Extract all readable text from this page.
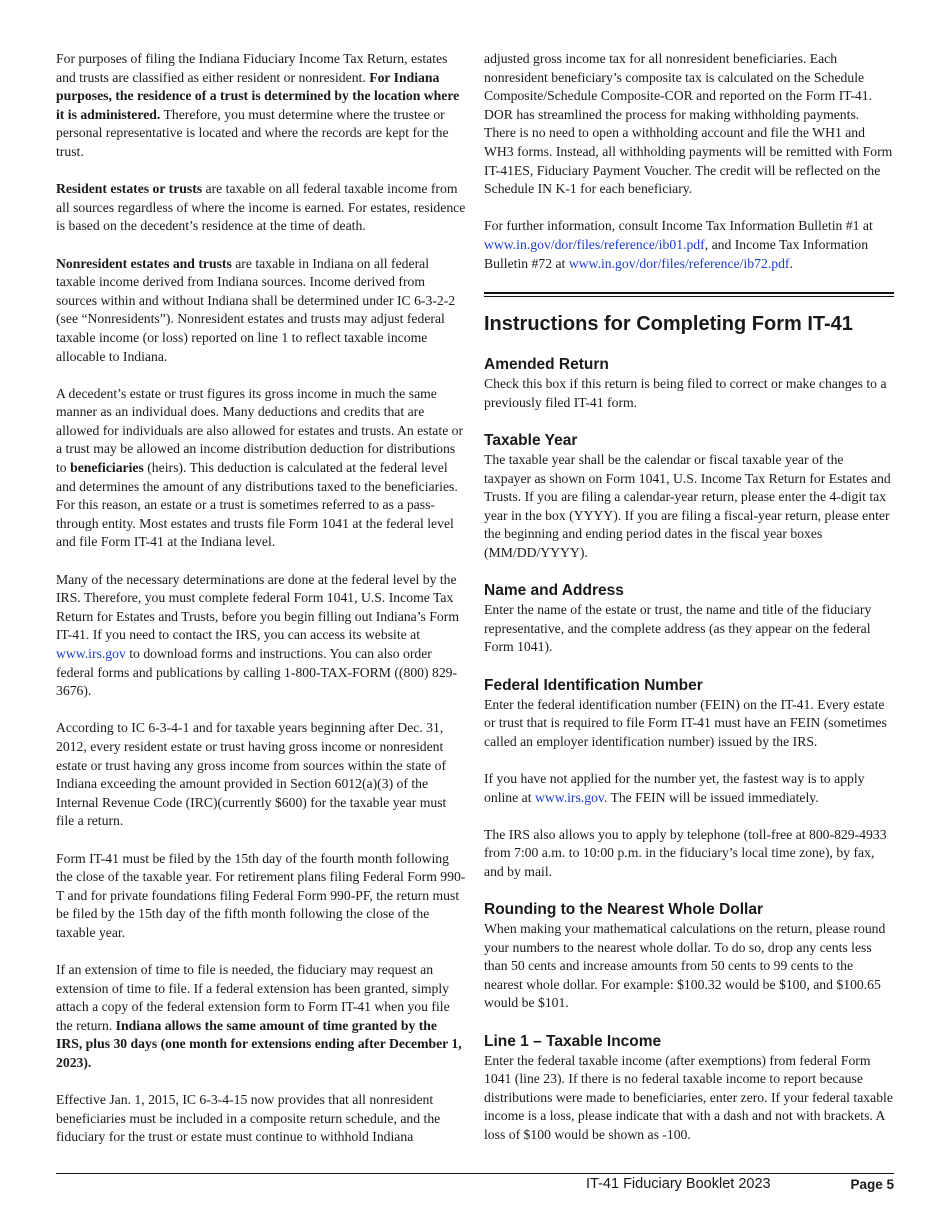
For purposes of filing the Indiana Fiduciary Income Tax Return, estates and trusts are classified as either resident or nonresident. For Indiana purposes, the residence of a trust is determined by the location where it is administered. Therefore, you must determine where the trustee or personal representative is located and where the records are kept for the trust.

Resident estates or trusts are taxable on all federal taxable income from all sources regardless of where the income is earned. For estates, residence is based on the decedent’s residence at the time of death.

Nonresident estates and trusts are taxable in Indiana on all federal taxable income derived from Indiana sources. Income derived from sources within and without Indiana shall be determined under IC 6-3-2-2 (see “Nonresidents”). Nonresident estates and trusts may adjust federal taxable income (or loss) reported on line 1 to reflect taxable income allocable to Indiana.

A decedent’s estate or trust figures its gross income in much the same manner as an individual does. Many deductions and credits that are allowed for individuals are also allowed for estates and trusts. An estate or a trust may be allowed an income distribution deduction for distributions to beneficiaries (heirs). This deduction is calculated at the federal level and determines the amount of any distributions taxed to the beneficiaries. For this reason, an estate or a trust is sometimes referred to as a pass-through entity. Most estates and trusts file Form 1041 at the federal level and file Form IT-41 at the Indiana level.

Many of the necessary determinations are done at the federal level by the IRS. Therefore, you must complete federal Form 1041, U.S. Income Tax Return for Estates and Trusts, before you begin filling out Indiana’s Form IT-41. If you need to contact the IRS, you can access its website at www.irs.gov to download forms and instructions. You can also order federal forms and publications by calling 1-800-TAX-FORM ((800) 829-3676).

According to IC 6-3-4-1 and for taxable years beginning after Dec. 31, 2012, every resident estate or trust having gross income or nonresident estate or trust having any gross income from sources within the state of Indiana exceeding the amount provided in Section 6012(a)(3) of the Internal Revenue Code (IRC)(currently $600) for the taxable year must file a return.

Form IT-41 must be filed by the 15th day of the fourth month following the close of the taxable year. For retirement plans filing Federal Form 990-T and for private foundations filing Federal Form 990-PF, the return must be filed by the 15th day of the fifth month following the close of the taxable year.

If an extension of time to file is needed, the fiduciary may request an extension of time to file. If a federal extension has been granted, simply attach a copy of the federal extension form to Form IT-41 when you file the return. Indiana allows the same amount of time granted by the IRS, plus 30 days (one month for extensions ending after December 1, 2023).

Effective Jan. 1, 2015, IC 6-3-4-15 now provides that all nonresident beneficiaries must be included in a composite return schedule, and the fiduciary for the trust or estate must continue to withhold Indiana

adjusted gross income tax for all nonresident beneficiaries. Each nonresident beneficiary’s composite tax is calculated on the Schedule Composite/Schedule Composite-COR and reported on the Form IT-41. DOR has streamlined the process for making withholding payments. There is no need to open a withholding account and file the WH1 and WH3 forms. Instead, all withholding payments will be remitted with Form IT-41ES, Fiduciary Payment Voucher. The credit will be reflected on the Schedule IN K-1 for each beneficiary.

For further information, consult Income Tax Information Bulletin #1 at www.in.gov/dor/files/reference/ib01.pdf, and Income Tax Information Bulletin #72 at www.in.gov/dor/files/reference/ib72.pdf.

Instructions for Completing Form IT-41
Amended Return

Check this box if this return is being filed to correct or make changes to a previously filed IT-41 form.

Taxable Year

The taxable year shall be the calendar or fiscal taxable year of the taxpayer as shown on Form 1041, U.S. Income Tax Return for Estates and Trusts. If you are filing a calendar-year return, please enter the 4-digit tax year in the box (YYYY). If you are filing a fiscal-year return, please enter the beginning and ending period dates in the fiscal year boxes (MM/DD/YYYY).

Name and Address

Enter the name of the estate or trust, the name and title of the fiduciary representative, and the complete address (as they appear on the federal Form 1041).

Federal Identification Number

Enter the federal identification number (FEIN) on the IT-41. Every estate or trust that is required to file Form IT-41 must have an FEIN (sometimes called an employer identification number) issued by the IRS.

If you have not applied for the number yet, the fastest way is to apply online at www.irs.gov. The FEIN will be issued immediately.

The IRS also allows you to apply by telephone (toll-free at 800-829-4933 from 7:00 a.m. to 10:00 p.m. in the fiduciary’s local time zone), by fax, and by mail.

Rounding to the Nearest Whole Dollar

When making your mathematical calculations on the return, please round your numbers to the nearest whole dollar. To do so, drop any cents less than 50 cents and increase amounts from 50 cents to 99 cents to the nearest whole dollar. For example: $100.32 would be $100, and $100.65 would be $101.

Line 1 – Taxable Income

Enter the federal taxable income (after exemptions) from federal Form 1041 (line 23). If there is no federal taxable income to report because distributions were made to beneficiaries, enter zero. If your federal taxable income is a loss, please indicate that with a dash and not with brackets. A loss of $100 would be shown as -100.

IT-41 Fiduciary Booklet 2023	Page 5
